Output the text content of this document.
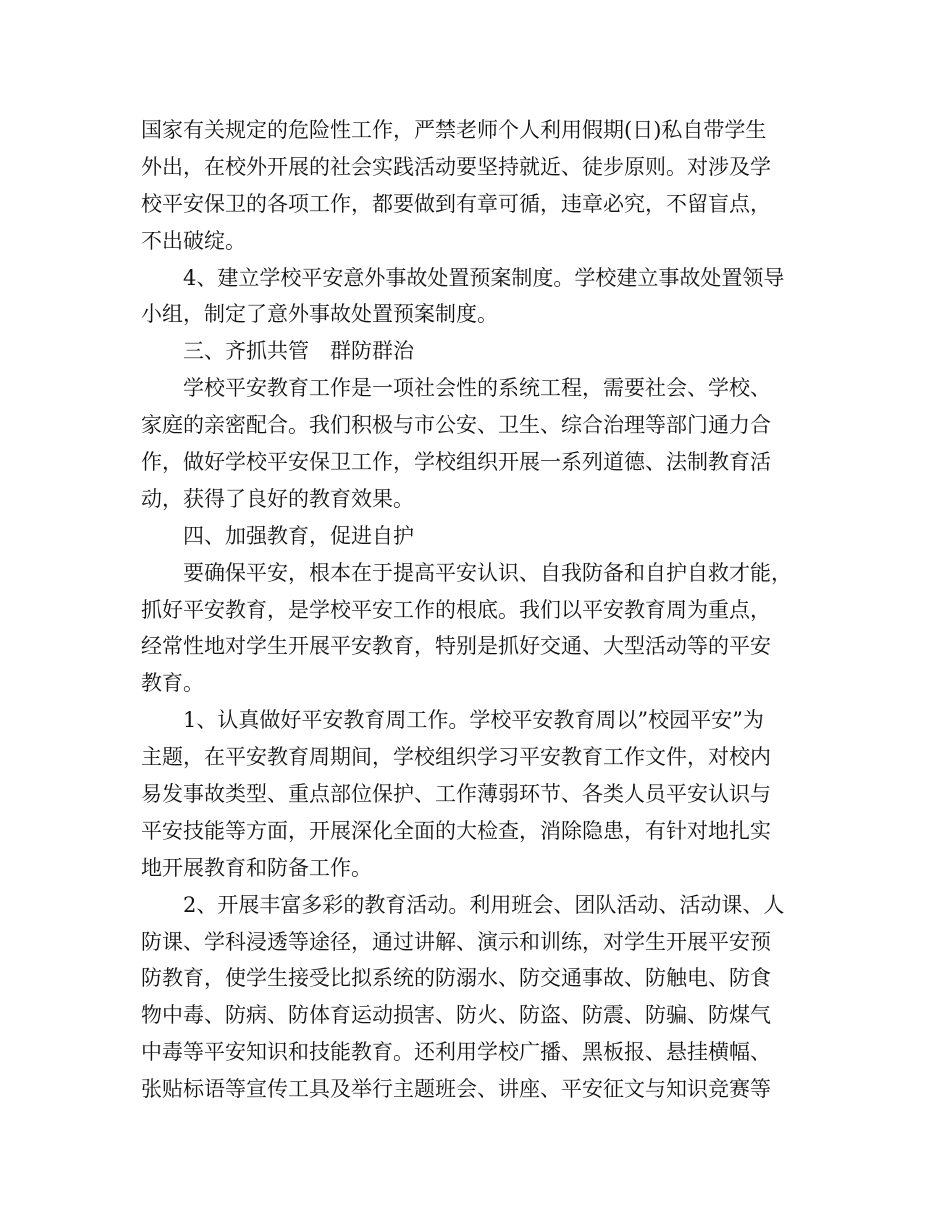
国家有关规定的危险性工作，严禁老师个人利用假期(日)私自带学生
外出，在校外开展的社会实践活动要坚持就近、徒步原则。对涉及学
校平安保卫的各项工作，都要做到有章可循，违章必究，不留盲点，
不出破绽。
4、建立学校平安意外事故处置预案制度。学校建立事故处置领导
小组，制定了意外事故处置预案制度。
三、齐抓共管　群防群治
学校平安教育工作是一项社会性的系统工程，需要社会、学校、
家庭的亲密配合。我们积极与市公安、卫生、综合治理等部门通力合
作，做好学校平安保卫工作，学校组织开展一系列道德、法制教育活
动，获得了良好的教育效果。
四、加强教育，促进自护
要确保平安，根本在于提高平安认识、自我防备和自护自救才能，
抓好平安教育，是学校平安工作的根底。我们以平安教育周为重点，
经常性地对学生开展平安教育，特别是抓好交通、大型活动等的平安
教育。
1、认真做好平安教育周工作。学校平安教育周以”校园平安”为
主题，在平安教育周期间，学校组织学习平安教育工作文件，对校内
易发事故类型、重点部位保护、工作薄弱环节、各类人员平安认识与
平安技能等方面，开展深化全面的大检查，消除隐患，有针对地扎实
地开展教育和防备工作。
2、开展丰富多彩的教育活动。利用班会、团队活动、活动课、人
防课、学科浸透等途径，通过讲解、演示和训练，对学生开展平安预
防教育，使学生接受比拟系统的防溺水、防交通事故、防触电、防食
物中毒、防病、防体育运动损害、防火、防盗、防震、防骗、防煤气
中毒等平安知识和技能教育。还利用学校广播、黑板报、悬挂横幅、
张贴标语等宣传工具及举行主题班会、讲座、平安征文与知识竞赛等
